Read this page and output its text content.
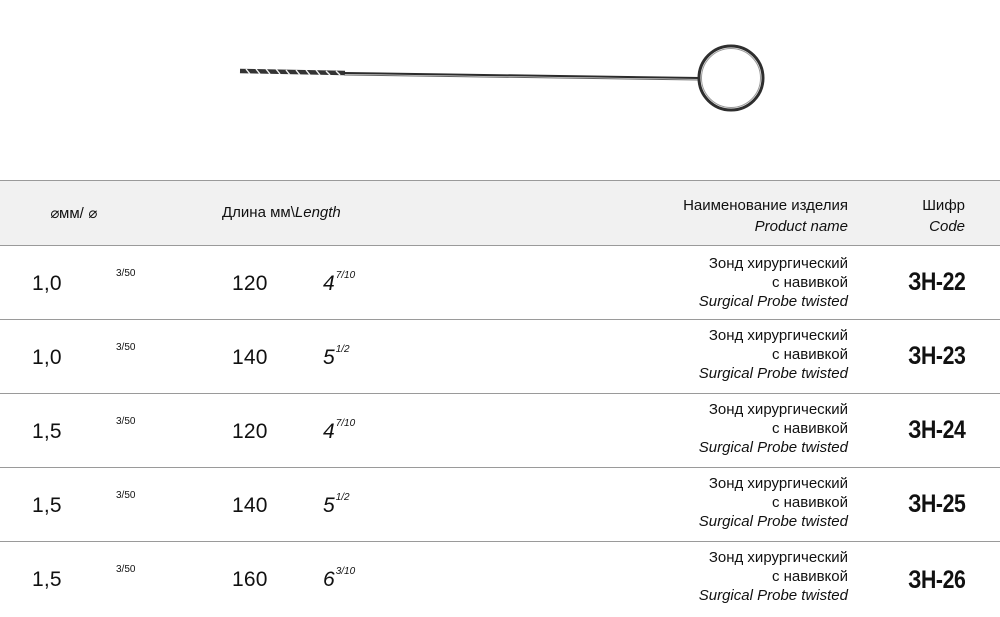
⌀мм/ ⌀	Длина мм\Length	Наименование изделия
Product name
Шифр
Code
1,0	3/50	120	$4^{7/10}$
Зонд хирургический
с навивкой
Surgical Probe twisted
ЗН-22
1,0	3/50	140	$5^{1/2}$
Зонд хирургический
с навивкой
Surgical Probe twisted
ЗН-23
1,5	3/50	120	$4^{7/10}$
Зонд хирургический
с навивкой
Surgical Probe twisted
ЗН-24
1,5	3/50	140	$5^{1/2}$
Зонд хирургический
с навивкой
Surgical Probe twisted
ЗН-25
1,5	3/50	160	$6^{3/10}$
Зонд хирургический
с навивкой
Surgical Probe twisted
ЗН-26
